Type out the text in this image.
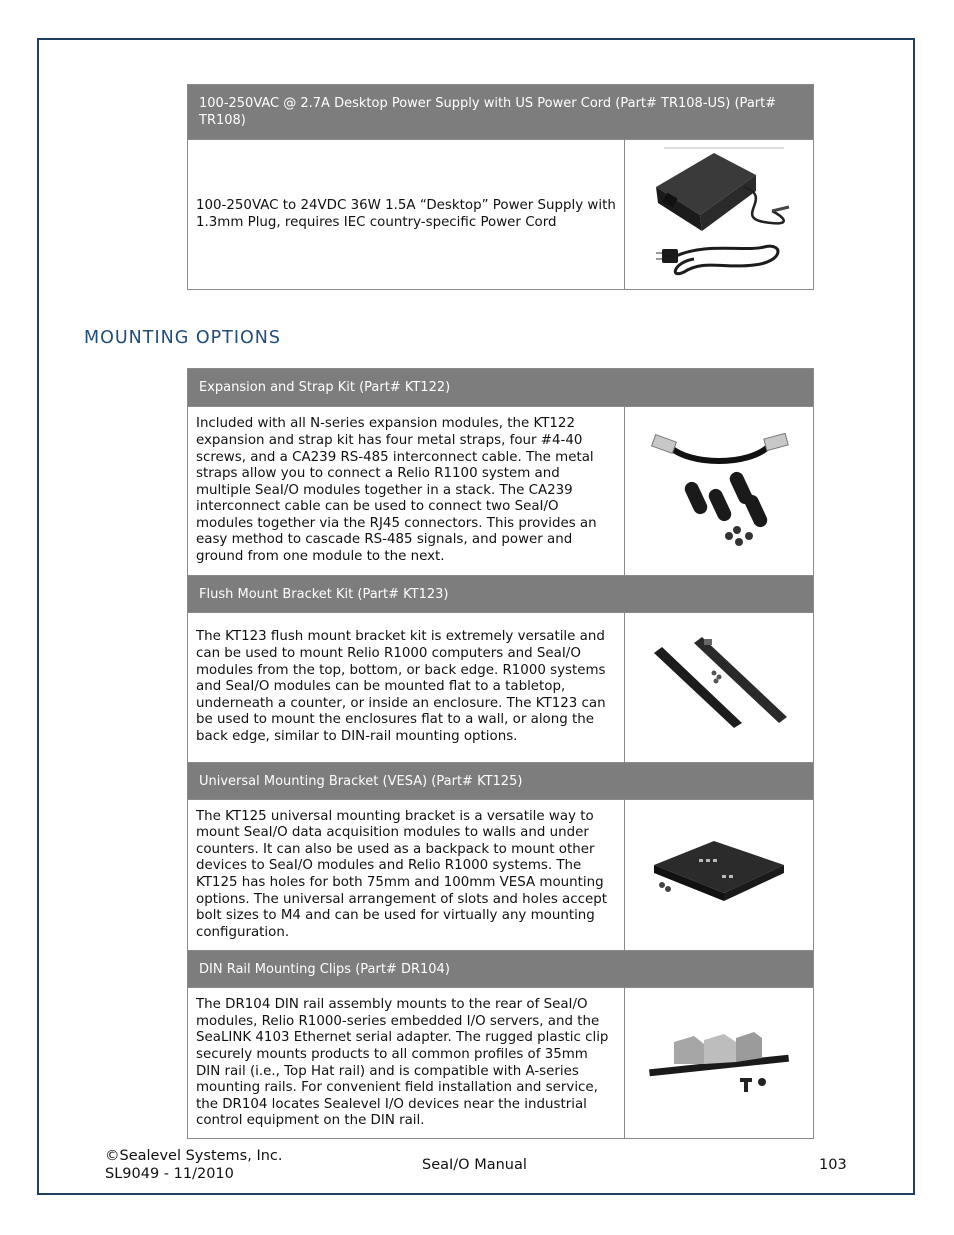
100-250VAC @ 2.7A Desktop Power Supply with US Power Cord (Part# TR108-US) (Part# TR108)
100-250VAC to 24VDC 36W 1.5A “Desktop” Power Supply with 1.3mm Plug, requires IEC country-specific Power Cord
MOUNTING OPTIONS
Expansion and Strap Kit (Part# KT122)
Included with all N-series expansion modules, the KT122 expansion and strap kit has four metal straps, four #4-40 screws, and a CA239 RS-485 interconnect cable. The metal straps allow you to connect a Relio R1100 system and multiple SeaI/O modules together in a stack. The CA239 interconnect cable can be used to connect two SeaI/O modules together via the RJ45 connectors. This provides an easy method to cascade RS-485 signals, and power and ground from one module to the next.
Flush Mount Bracket Kit (Part# KT123)
The KT123 flush mount bracket kit is extremely versatile and can be used to mount Relio R1000 computers and SeaI/O modules from the top, bottom, or back edge. R1000 systems and SeaI/O modules can be mounted flat to a tabletop, underneath a counter, or inside an enclosure. The KT123 can be used to mount the enclosures flat to a wall, or along the back edge, similar to DIN-rail mounting options.
Universal Mounting Bracket (VESA) (Part# KT125)
The KT125 universal mounting bracket is a versatile way to mount SeaI/O data acquisition modules to walls and under counters. It can also be used as a backpack to mount other devices to SeaI/O modules and Relio R1000 systems. The KT125 has holes for both 75mm and 100mm VESA mounting options. The universal arrangement of slots and holes accept bolt sizes to M4 and can be used for virtually any mounting configuration.
DIN Rail Mounting Clips (Part# DR104)
The DR104 DIN rail assembly mounts to the rear of SeaI/O modules, Relio R1000-series embedded I/O servers, and the SeaLINK 4103 Ethernet serial adapter. The rugged plastic clip securely mounts products to all common profiles of 35mm DIN rail (i.e., Top Hat rail) and is compatible with A-series mounting rails. For convenient field installation and service, the DR104 locates Sealevel I/O devices near the industrial control equipment on the DIN rail.
©Sealevel Systems, Inc.
SL9049 - 11/2010
SeaI/O Manual	103
